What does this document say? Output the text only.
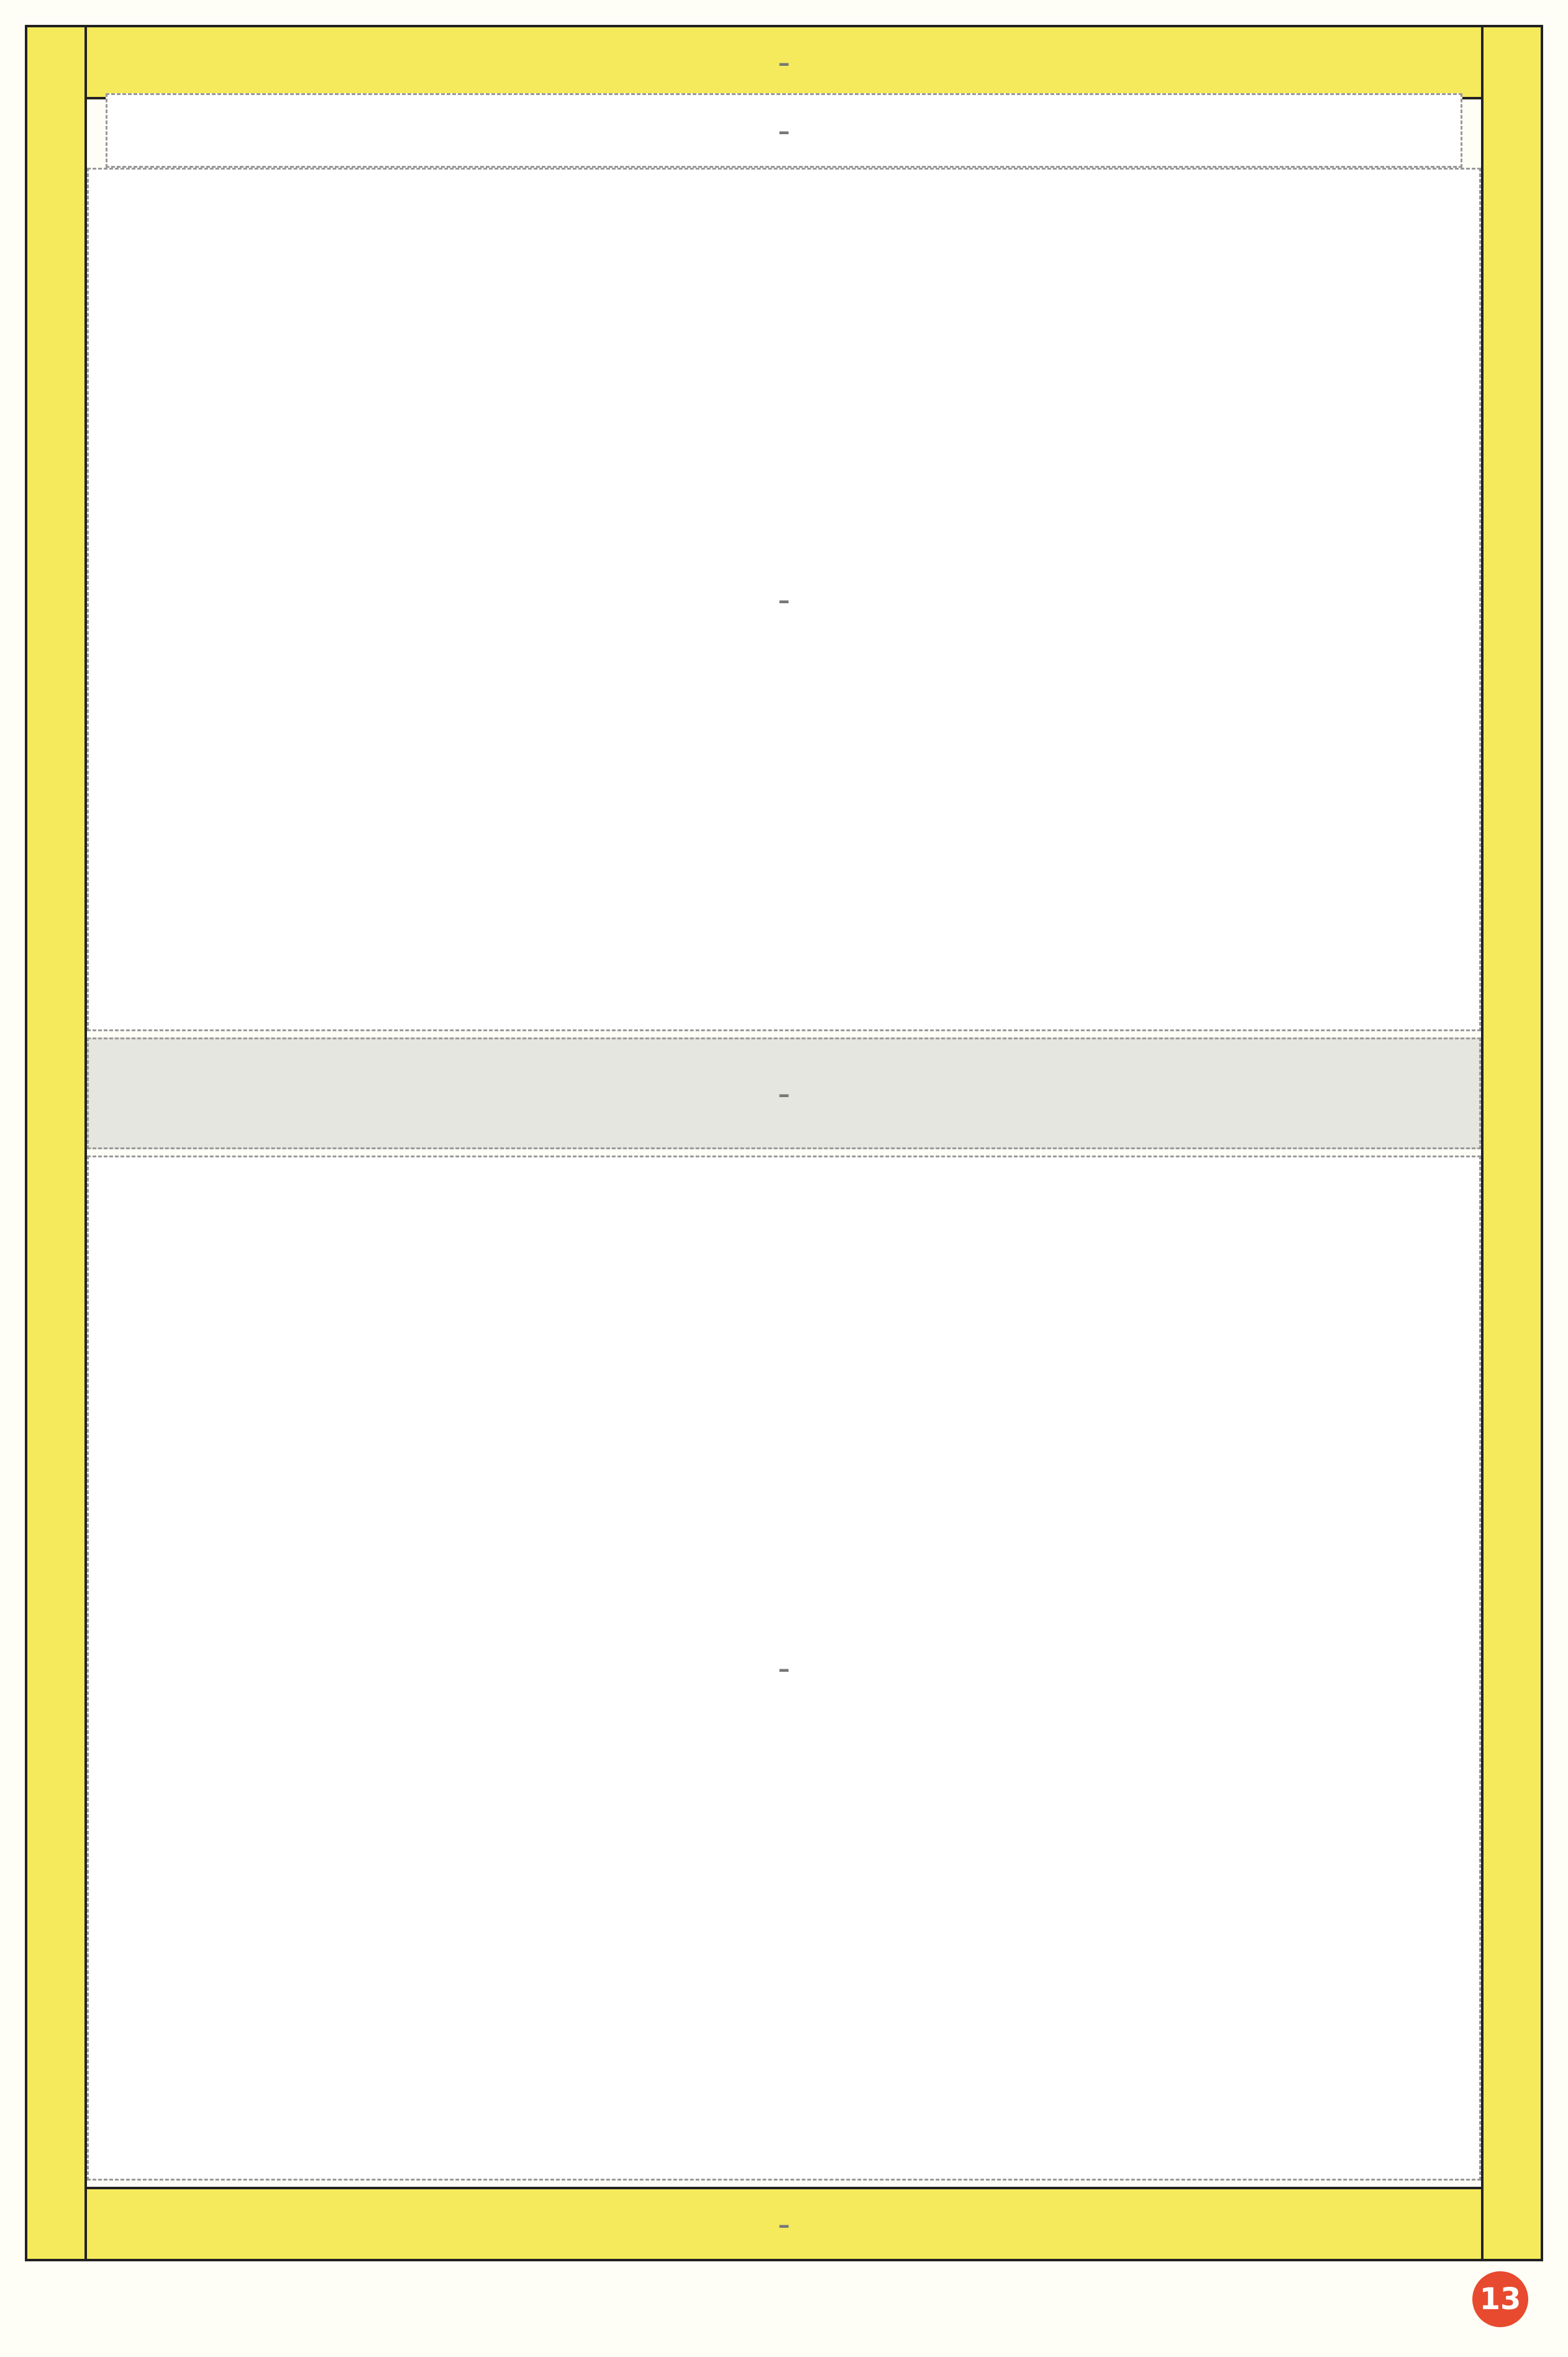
-
-
-
-
-
-
13
